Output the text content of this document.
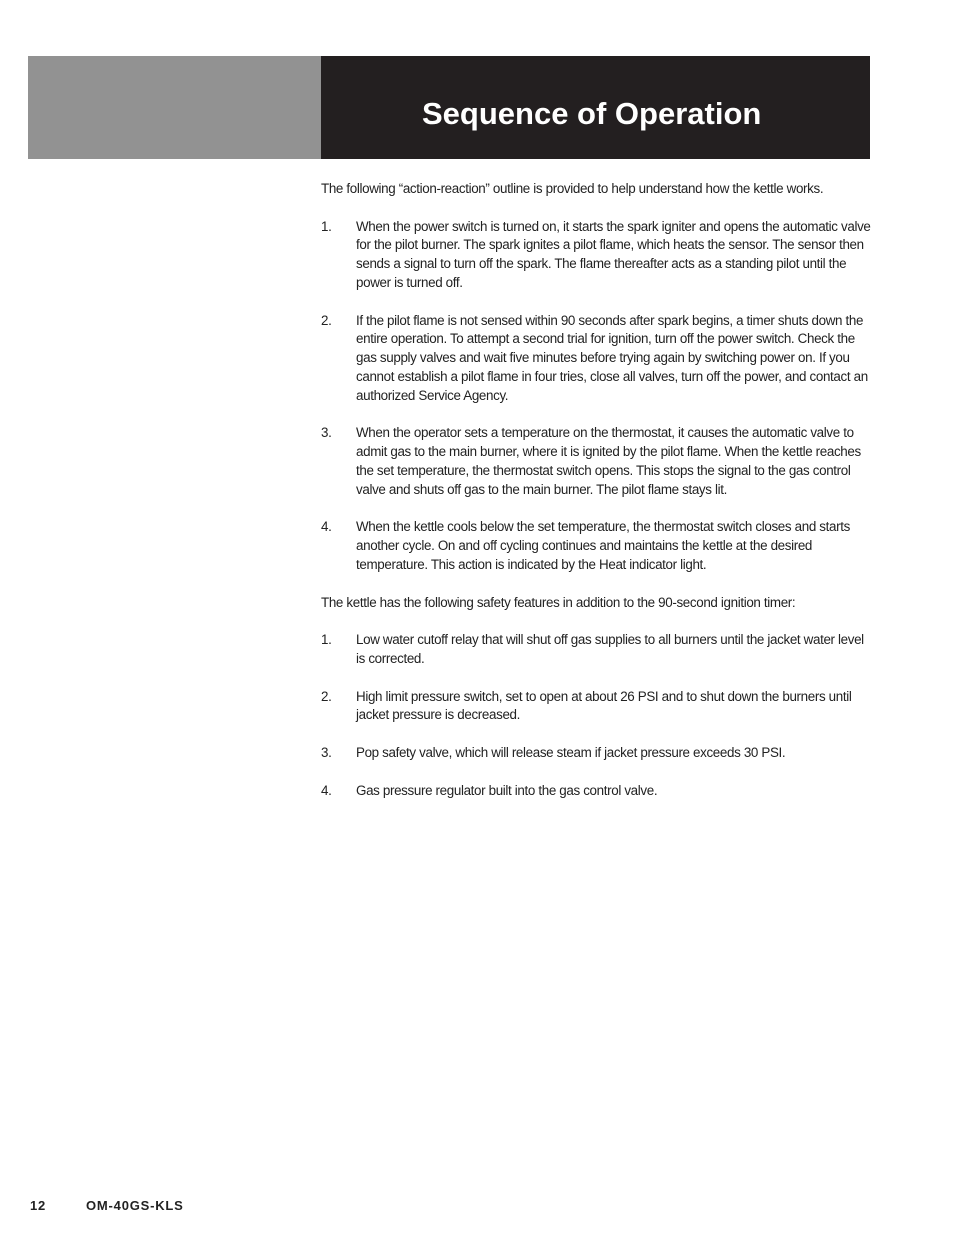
Sequence of Operation

The following “action-reaction” outline is provided to help understand how the kettle works.

1. When the power switch is turned on, it starts the spark igniter and opens the automatic valve for the pilot burner. The spark ignites a pilot flame, which heats the sensor. The sensor then sends a signal to turn off the spark. The flame thereafter acts as a standing pilot until the power is turned off.
2. If the pilot flame is not sensed within 90 seconds after spark begins, a timer shuts down the entire operation. To attempt a second trial for ignition, turn off the power switch. Check the gas supply valves and wait five minutes before trying again by switching power on. If you cannot establish a pilot flame in four tries, close all valves, turn off the power, and contact an authorized Service Agency.
3. When the operator sets a temperature on the thermostat, it causes the automatic valve to admit gas to the main burner, where it is ignited by the pilot flame. When the kettle reaches the set temperature, the thermostat switch opens. This stops the signal to the gas control valve and shuts off gas to the main burner. The pilot flame stays lit.
4. When the kettle cools below the set temperature, the thermostat switch closes and starts another cycle. On and off cycling continues and maintains the kettle at the desired temperature. This action is indicated by the Heat indicator light.

The kettle has the following safety features in addition to the 90-second ignition timer:

1. Low water cutoff relay that will shut off gas supplies to all burners until the jacket water level is corrected.
2. High limit pressure switch, set to open at about 26 PSI and to shut down the burners until jacket pressure is decreased.
3. Pop safety valve, which will release steam if jacket pressure exceeds 30 PSI.
4. Gas pressure regulator built into the gas control valve.
12	OM-40GS-KLS
